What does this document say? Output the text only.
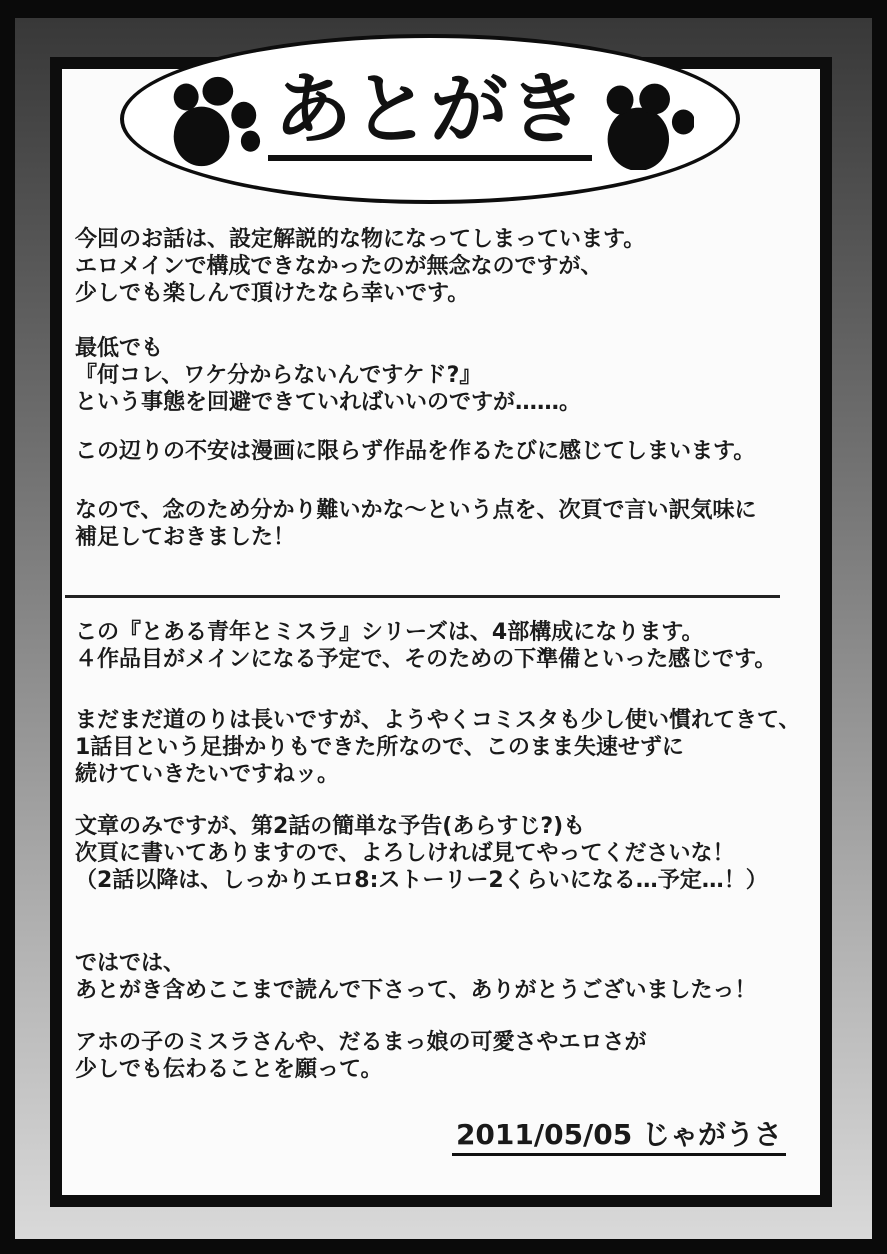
今回のお話は、設定解説的な物になってしまっています。
エロメインで構成できなかったのが無念なのですが、
少しでも楽しんで頂けたなら幸いです。
最低でも
『何コレ、ワケ分からないんですケド?』
という事態を回避できていればいいのですが……。
この辺りの不安は漫画に限らず作品を作るたびに感じてしまいます。
なので、念のため分かり難いかな～という点を、次頁で言い訳気味に
補足しておきました！
この『とある青年とミスラ』シリーズは、4部構成になります。
４作品目がメインになる予定で、そのための下準備といった感じです。
まだまだ道のりは長いですが、ようやくコミスタも少し使い慣れてきて、
1話目という足掛かりもできた所なので、このまま失速せずに
続けていきたいですねッ。
文章のみですが、第2話の簡単な予告(あらすじ?)も
次頁に書いてありますので、よろしければ見てやってくださいな！
（2話以降は、しっかりエロ8:ストーリー2くらいになる…予定…！）
ではでは、
あとがき含めここまで読んで下さって、ありがとうございましたっ！
アホの子のミスラさんや、だるまっ娘の可愛さやエロさが
少しでも伝わることを願って。
2011/05/05 じゃがうさ
あとがき
